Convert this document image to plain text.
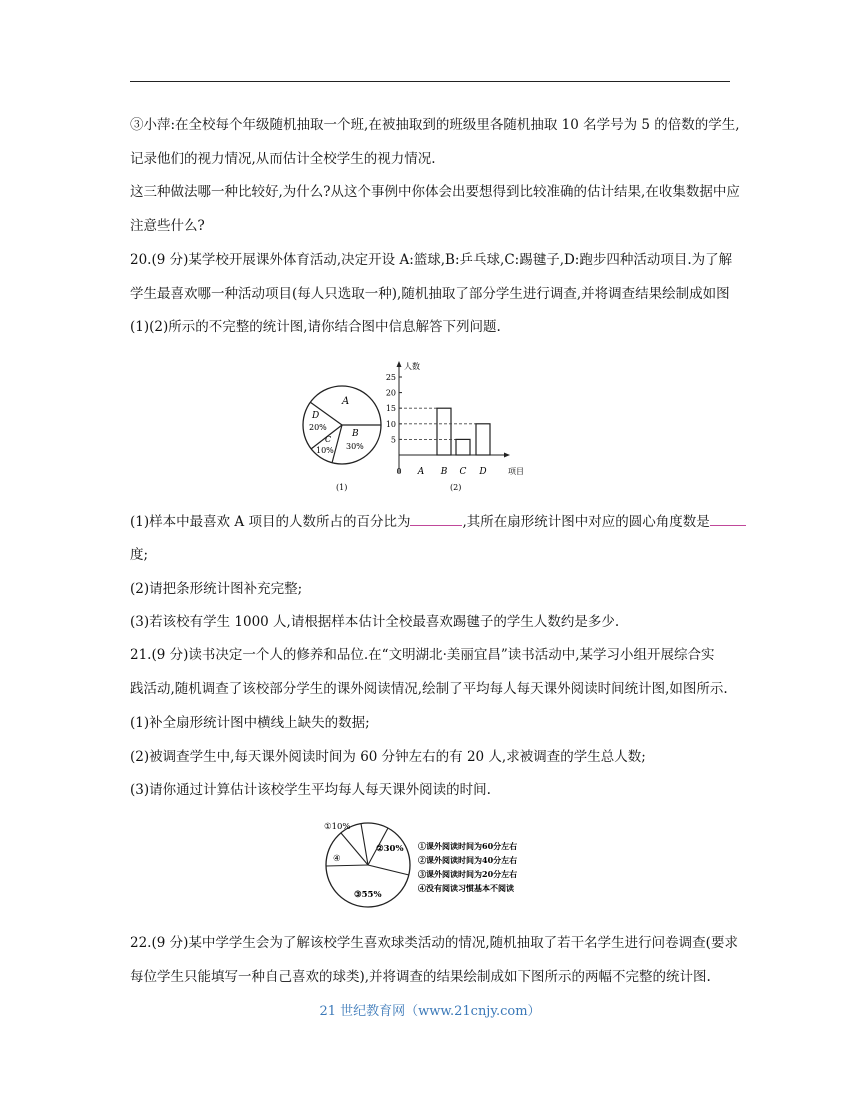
③小萍:在全校每个年级随机抽取一个班,在被抽取到的班级里各随机抽取 10 名学号为 5 的倍数的学生,
记录他们的视力情况,从而估计全校学生的视力情况.
这三种做法哪一种比较好,为什么?从这个事例中你体会出要想得到比较准确的估计结果,在收集数据中应
注意些什么?
20.(9 分)某学校开展课外体育活动,决定开设 A:篮球,B:乒乓球,C:踢毽子,D:跑步四种活动项目.为了解
学生最喜欢哪一种活动项目(每人只选取一种),随机抽取了部分学生进行调查,并将调查结果绘制成如图
(1)(2)所示的不完整的统计图,请你结合图中信息解答下列问题.
A
D
20%
C
10%
B
30%
(1)
人数
项目
5
10
15
20
25
0 A B C D
(2)
(1)样本中最喜欢 A 项目的人数所占的百分比为	,其所在扇形统计图中对应的圆心角度数是
度;
(2)请把条形统计图补充完整;
(3)若该校有学生 1000 人,请根据样本估计全校最喜欢踢毽子的学生人数约是多少.
21.(9 分)读书决定一个人的修养和品位.在“文明湖北·美丽宜昌”读书活动中,某学习小组开展综合实
践活动,随机调查了该校部分学生的课外阅读情况,绘制了平均每人每天课外阅读时间统计图,如图所示.
(1)补全扇形统计图中横线上缺失的数据;
(2)被调查学生中,每天课外阅读时间为 60 分钟左右的有 20 人,求被调查的学生总人数;
(3)请你通过计算估计该校学生平均每人每天课外阅读的时间.
①10%
②30%
③55%
④
①课外阅读时间为60分左右
②课外阅读时间为40分左右
③课外阅读时间为20分左右
④没有阅读习惯基本不阅读
22.(9 分)某中学学生会为了解该校学生喜欢球类活动的情况,随机抽取了若干名学生进行问卷调查(要求
每位学生只能填写一种自己喜欢的球类),并将调查的结果绘制成如下图所示的两幅不完整的统计图.
21 世纪教育网（www.21cnjy.com）
